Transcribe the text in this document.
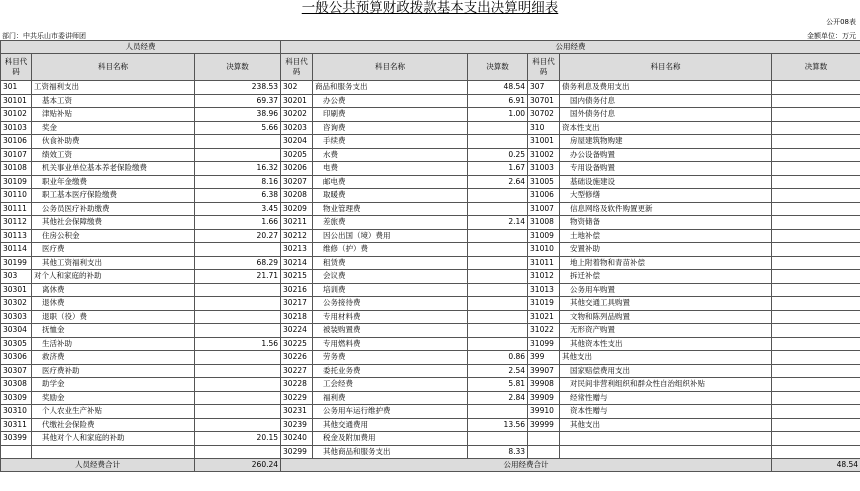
一般公共预算财政拨款基本支出决算明细表
公开08表
部门：中共乐山市委讲师团	金额单位：万元
人员经费			公用经费					
科目代码	科目名称	决算数	科目代码	科目名称	决算数	科目代码	科目名称	决算数
301	工资福利支出	238.53	302	商品和服务支出	48.54	307	债务利息及费用支出	
30101	基本工资	69.37	30201	办公费	6.91	30701	国内债务付息	
30102	津贴补贴	38.96	30202	印刷费	1.00	30702	国外债务付息	
30103	奖金	5.66	30203	咨询费		310	资本性支出	
30106	伙食补助费		30204	手续费		31001	房屋建筑物购建	
30107	绩效工资		30205	水费	0.25	31002	办公设备购置	
30108	机关事业单位基本养老保险缴费	16.32	30206	电费	1.67	31003	专用设备购置	
30109	职业年金缴费	8.16	30207	邮电费	2.64	31005	基础设施建设	
30110	职工基本医疗保险缴费	6.38	30208	取暖费		31006	大型修缮	
30111	公务员医疗补助缴费	3.45	30209	物业管理费		31007	信息网络及软件购置更新	
30112	其他社会保障缴费	1.66	30211	差旅费	2.14	31008	物资储备	
30113	住房公积金	20.27	30212	因公出国（境）费用		31009	土地补偿	
30114	医疗费		30213	维修（护）费		31010	安置补助	
30199	其他工资福利支出	68.29	30214	租赁费		31011	地上附着物和青苗补偿	
303	对个人和家庭的补助	21.71	30215	会议费		31012	拆迁补偿	
30301	离休费		30216	培训费		31013	公务用车购置	
30302	退休费		30217	公务接待费		31019	其他交通工具购置	
30303	退职（役）费		30218	专用材料费		31021	文物和陈列品购置	
30304	抚恤金		30224	被装购置费		31022	无形资产购置	
30305	生活补助	1.56	30225	专用燃料费		31099	其他资本性支出	
30306	救济费		30226	劳务费	0.86	399	其他支出	
30307	医疗费补助		30227	委托业务费	2.54	39907	国家赔偿费用支出	
30308	助学金		30228	工会经费	5.81	39908	对民间非营利组织和群众性自治组织补贴	
30309	奖励金		30229	福利费	2.84	39909	经常性赠与	
30310	个人农业生产补贴		30231	公务用车运行维护费		39910	资本性赠与	
30311	代缴社会保险费		30239	其他交通费用	13.56	39999	其他支出	
30399	其他对个人和家庭的补助	20.15	30240	税金及附加费用				
			30299	其他商品和服务支出	8.33			
人员经费合计		260.24	公用经费合计					48.54
